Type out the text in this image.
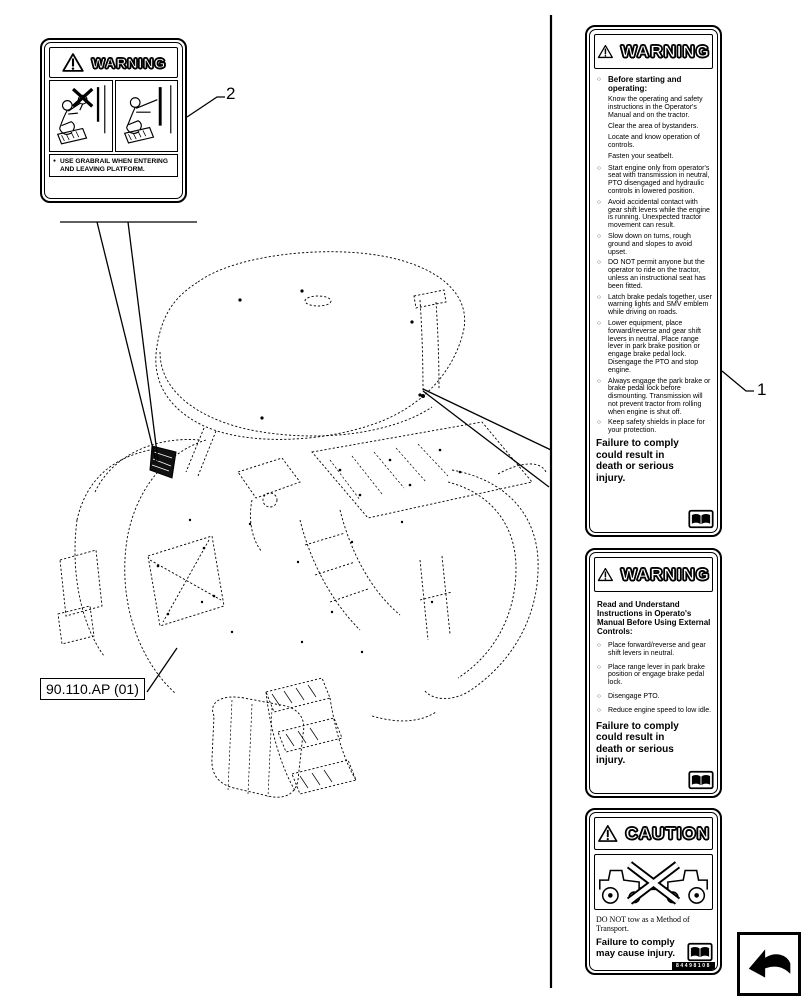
WARNING
● USE GRABRAIL WHEN ENTERING AND LEAVING PLATFORM.
2
90.110.AP (01)
1
WARNING
○ Before starting and operating:

Know the operating and safety instructions in the Operator's Manual and on the tractor.

Clear the area of bystanders.

Locate and know operation of controls.

Fasten your seatbelt.

○ Start engine only from operator's seat with transmission in neutral, PTO disengaged and hydraulic controls in lowered position.
○ Avoid accidental contact with gear shift levers while the engine is running. Unexpected tractor movement can result.
○ Slow down on turns, rough ground and slopes to avoid upset.
○ DO NOT permit anyone but the operator to ride on the tractor, unless an instructional seat has been fitted.
○ Latch brake pedals together, user warning lights and SMV emblem while driving on roads.
○ Lower equipment, place forward/reverse and gear shift levers in neutral. Place range lever in park brake position or engage brake pedal lock. Disengage the PTO and stop engine.
○ Always engage the park brake or brake pedal lock before dismounting. Transmission will not prevent tractor from rolling when engine is shut off.
○ Keep safety shields in place for your protection.
Failure to comply could result in death or serious injury.
WARNING
Read and Understand Instructions in Operato's Manual Before Using External Controls:
○ Place forward/reverse and gear shift levers in neutral.
○ Place range lever in park brake position or engage brake pedal lock.
○ Disengage PTO.
○ Reduce engine speed to low idle.
Failure to comply could result in death or serious injury.
CAUTION
DO NOT tow as a Method of Transport.
Failure to comply may cause injury.
84498108
